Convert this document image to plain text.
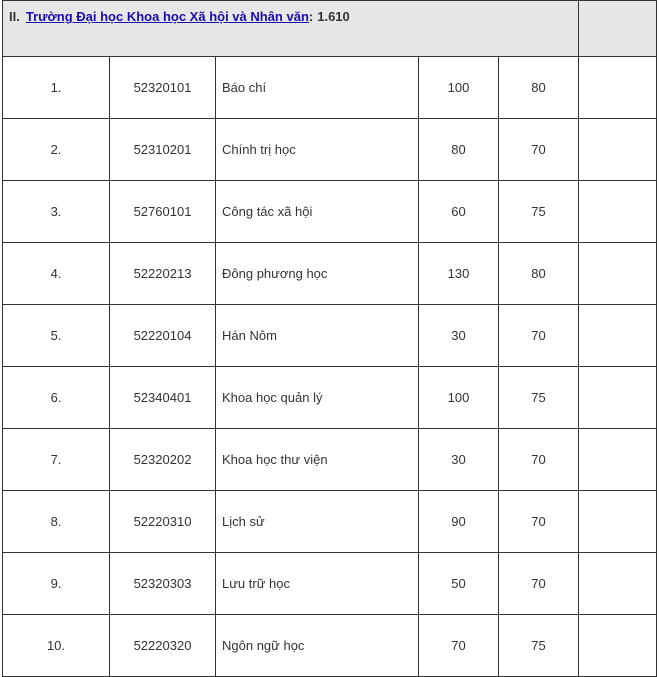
II. Trường Đại học Khoa học Xã hội và Nhân văn: 1.610					
1.	52320101	Báo chí	100	80	
2.	52310201	Chính trị học	80	70	
3.	52760101	Công tác xã hội	60	75	
4.	52220213	Đông phương học	130	80	
5.	52220104	Hán Nôm	30	70	
6.	52340401	Khoa học quản lý	100	75	
7.	52320202	Khoa học thư viện	30	70	
8.	52220310	Lịch sử	90	70	
9.	52320303	Lưu trữ học	50	70	
10.	52220320	Ngôn ngữ học	70	75	
